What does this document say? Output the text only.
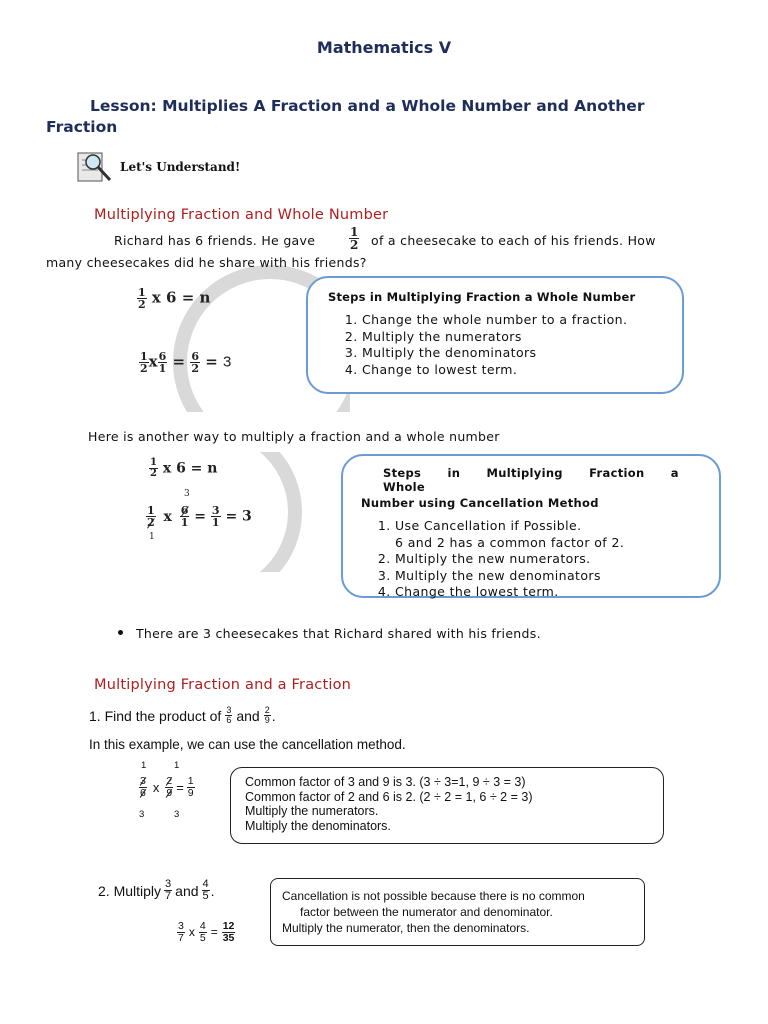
Mathematics V
Lesson: Multiplies A Fraction and a Whole Number and Another
Fraction
Let's Understand!
Multiplying Fraction and Whole Number
Richard has 6 friends. He gave	$\frac{1}{2}$ of a cheesecake to each of his friends. How
many cheesecakes did he share with his friends?
$\frac{1}{2}$ x 6 = n
$\frac{1}{2}$ x $\frac{6}{1} = \frac{6}{2} = 3$
Steps in Multiplying Fraction a Whole Number
1. Change the whole number to a fraction.
2. Multiply the numerators
3. Multiply the denominators
4. Change to lowest term.
Here is another way to multiply a fraction and a whole number
$\frac{1}{2}$ x 6 = n
3
1
$\frac{1}{2}$ x $\frac{6}{1} = \frac{3}{1} = 3$
Steps in Multiplying Fraction a Whole
Number using Cancellation Method
1. Use Cancellation if Possible.
6 and 2 has a common factor of 2.
2. Multiply the new numerators.
3. Multiply the new denominators
4. Change the lowest term.
There are 3 cheesecakes that Richard shared with his friends.
Multiplying Fraction and a Fraction
1. Find the product of $\frac{3}{6}$ and $\frac{2}{9}$ .
In this example, we can use the cancellation method.
1	1
$\frac{3}{6}$ x $\frac{2}{9} = \frac{1}{9}$
3	3
Common factor of 3 and 9 is 3. (3 ÷ 3=1, 9 ÷ 3 = 3)
Common factor of 2 and 6 is 2. (2 ÷ 2 = 1, 6 ÷ 2 = 3)
Multiply the numerators.
Multiply the denominators.
2. Multiply $\frac{3}{7}$ and $\frac{4}{5}$ .
$\frac{3}{7}$ x $\frac{4}{5} = \frac{12}{35}$
Cancellation is not possible because there is no common
factor between the numerator and denominator.
Multiply the numerator, then the denominators.
